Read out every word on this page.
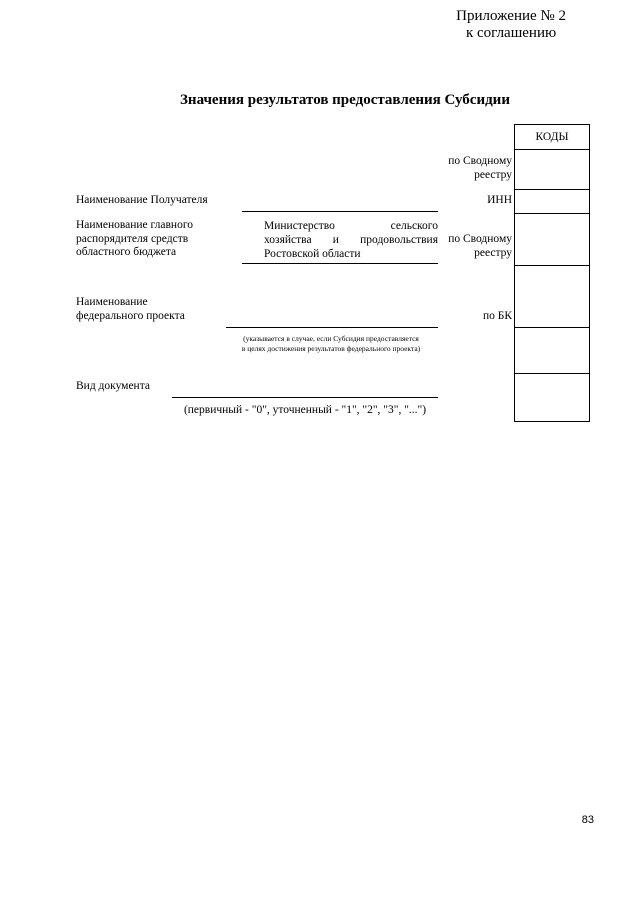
Приложение № 2
к соглашению
Значения результатов предоставления Субсидии
КОДЫ
по Сводному
реестру
Наименование Получателя	ИНН
Наименование главного
распорядителя средств
областного бюджета
Министерство сельского
хозяйства и продовольствия
Ростовской области
по Сводному
реестру
Наименование
федерального проекта	по БК
(указывается в случае, если Субсидия предоставляется
в целях достижения результатов федерального проекта)
Вид документа
(первичный - "0", уточненный - "1", "2", "3", "...")
83
